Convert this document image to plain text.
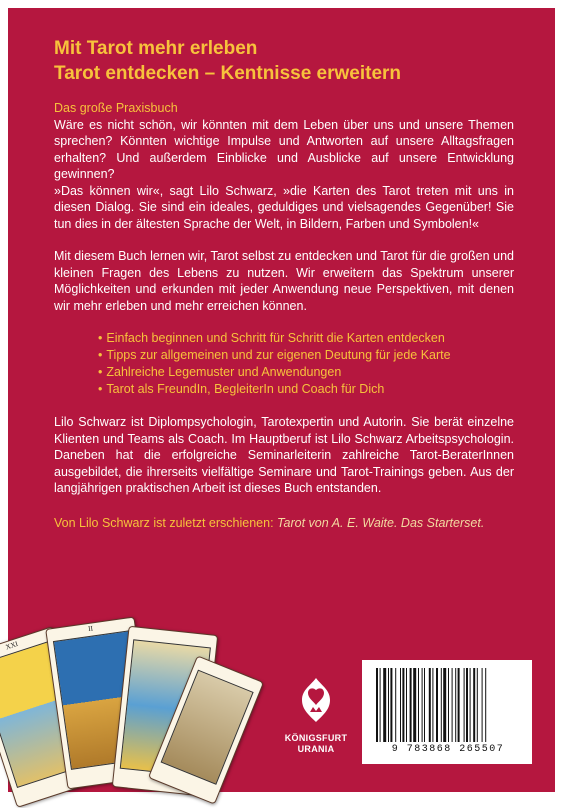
Mit Tarot mehr erleben

Tarot entdecken – Kentnisse erweitern

Das große Praxisbuch

Wäre es nicht schön, wir könnten mit dem Leben über uns und unsere Themen sprechen? Könnten wichtige Impulse und Antworten auf unsere Alltagsfragen erhalten? Und außerdem Einblicke und Ausblicke auf unsere Entwicklung gewinnen?

»Das können wir«, sagt Lilo Schwarz, »die Karten des Tarot treten mit uns in diesen Dialog. Sie sind ein ideales, geduldiges und vielsagendes Gegenüber! Sie tun dies in der ältesten Sprache der Welt, in Bildern, Farben und Symbolen!«

Mit diesem Buch lernen wir, Tarot selbst zu entdecken und Tarot für die großen und kleinen Fragen des Lebens zu nutzen. Wir erweitern das Spektrum unserer Möglichkeiten und erkunden mit jeder Anwendung neue Perspektiven, mit denen wir mehr erleben und mehr erreichen können.

• Einfach beginnen und Schritt für Schritt die Karten entdecken
• Tipps zur allgemeinen und zur eigenen Deutung für jede Karte
• Zahlreiche Legemuster und Anwendungen
• Tarot als FreundIn, BegleiterIn und Coach für Dich

Lilo Schwarz ist Diplompsychologin, Tarotexpertin und Autorin. Sie berät einzelne Klienten und Teams als Coach. Im Hauptberuf ist Lilo Schwarz Arbeitspsychologin. Daneben hat die erfolgreiche Seminarleiterin zahlreiche Tarot-BeraterInnen ausgebildet, die ihrerseits vielfältige Seminare und Tarot-Trainings geben. Aus der langjährigen praktischen Arbeit ist dieses Buch entstanden.

Von Lilo Schwarz ist zuletzt erschienen: Tarot von A. E. Waite. Das Starterset.

XXI
II
KÖNIGSFURT
URANIA	9 783868 265507
